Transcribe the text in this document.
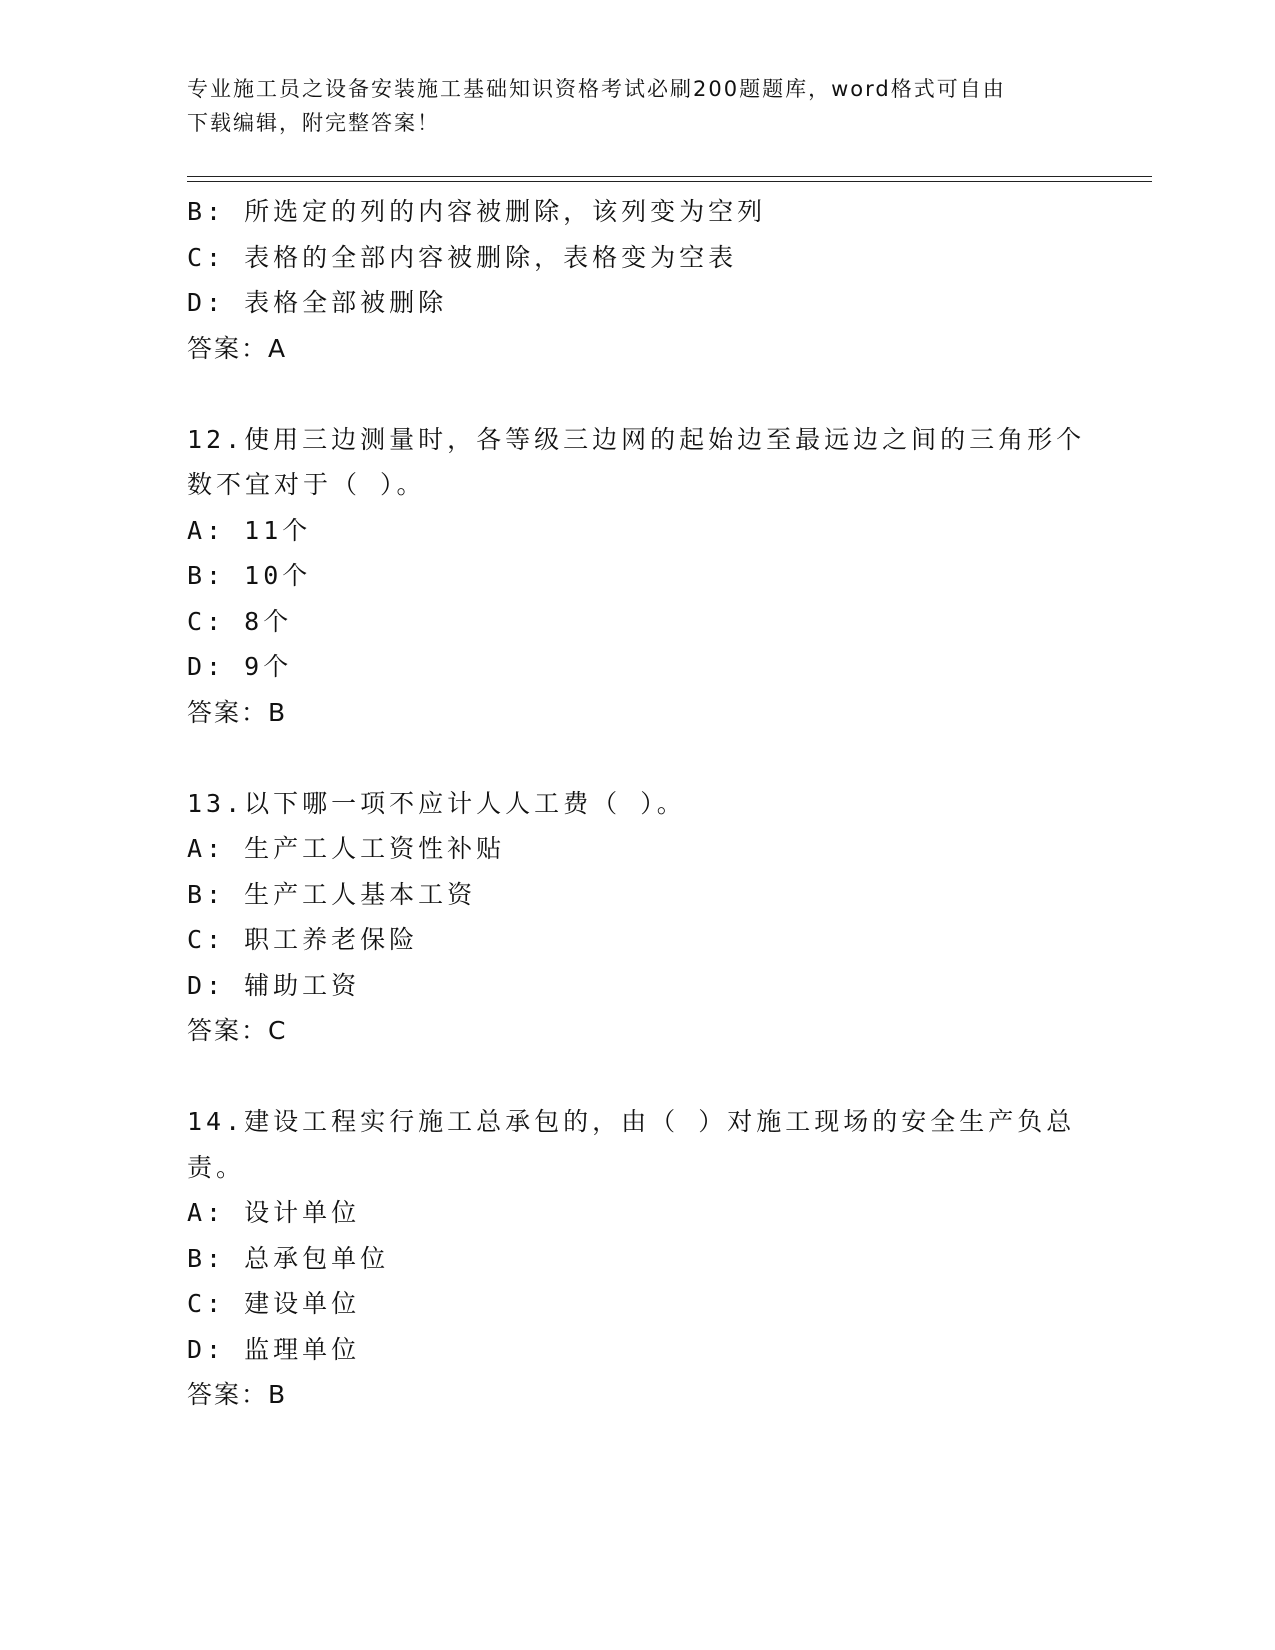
专业施工员之设备安装施工基础知识资格考试必刷200题题库，word格式可自由
下载编辑，附完整答案！
B: 所选定的列的内容被删除，该列变为空列
C: 表格的全部内容被删除，表格变为空表
D: 表格全部被删除
答案：A
12.使用三边测量时，各等级三边网的起始边至最远边之间的三角形个
数不宜对于（ ）。
A: 11个
B: 10个
C: 8个
D: 9个
答案：B
13.以下哪一项不应计人人工费（ ）。
A: 生产工人工资性补贴
B: 生产工人基本工资
C: 职工养老保险
D: 辅助工资
答案：C
14.建设工程实行施工总承包的，由（ ）对施工现场的安全生产负总
责。
A: 设计单位
B: 总承包单位
C: 建设单位
D: 监理单位
答案：B
